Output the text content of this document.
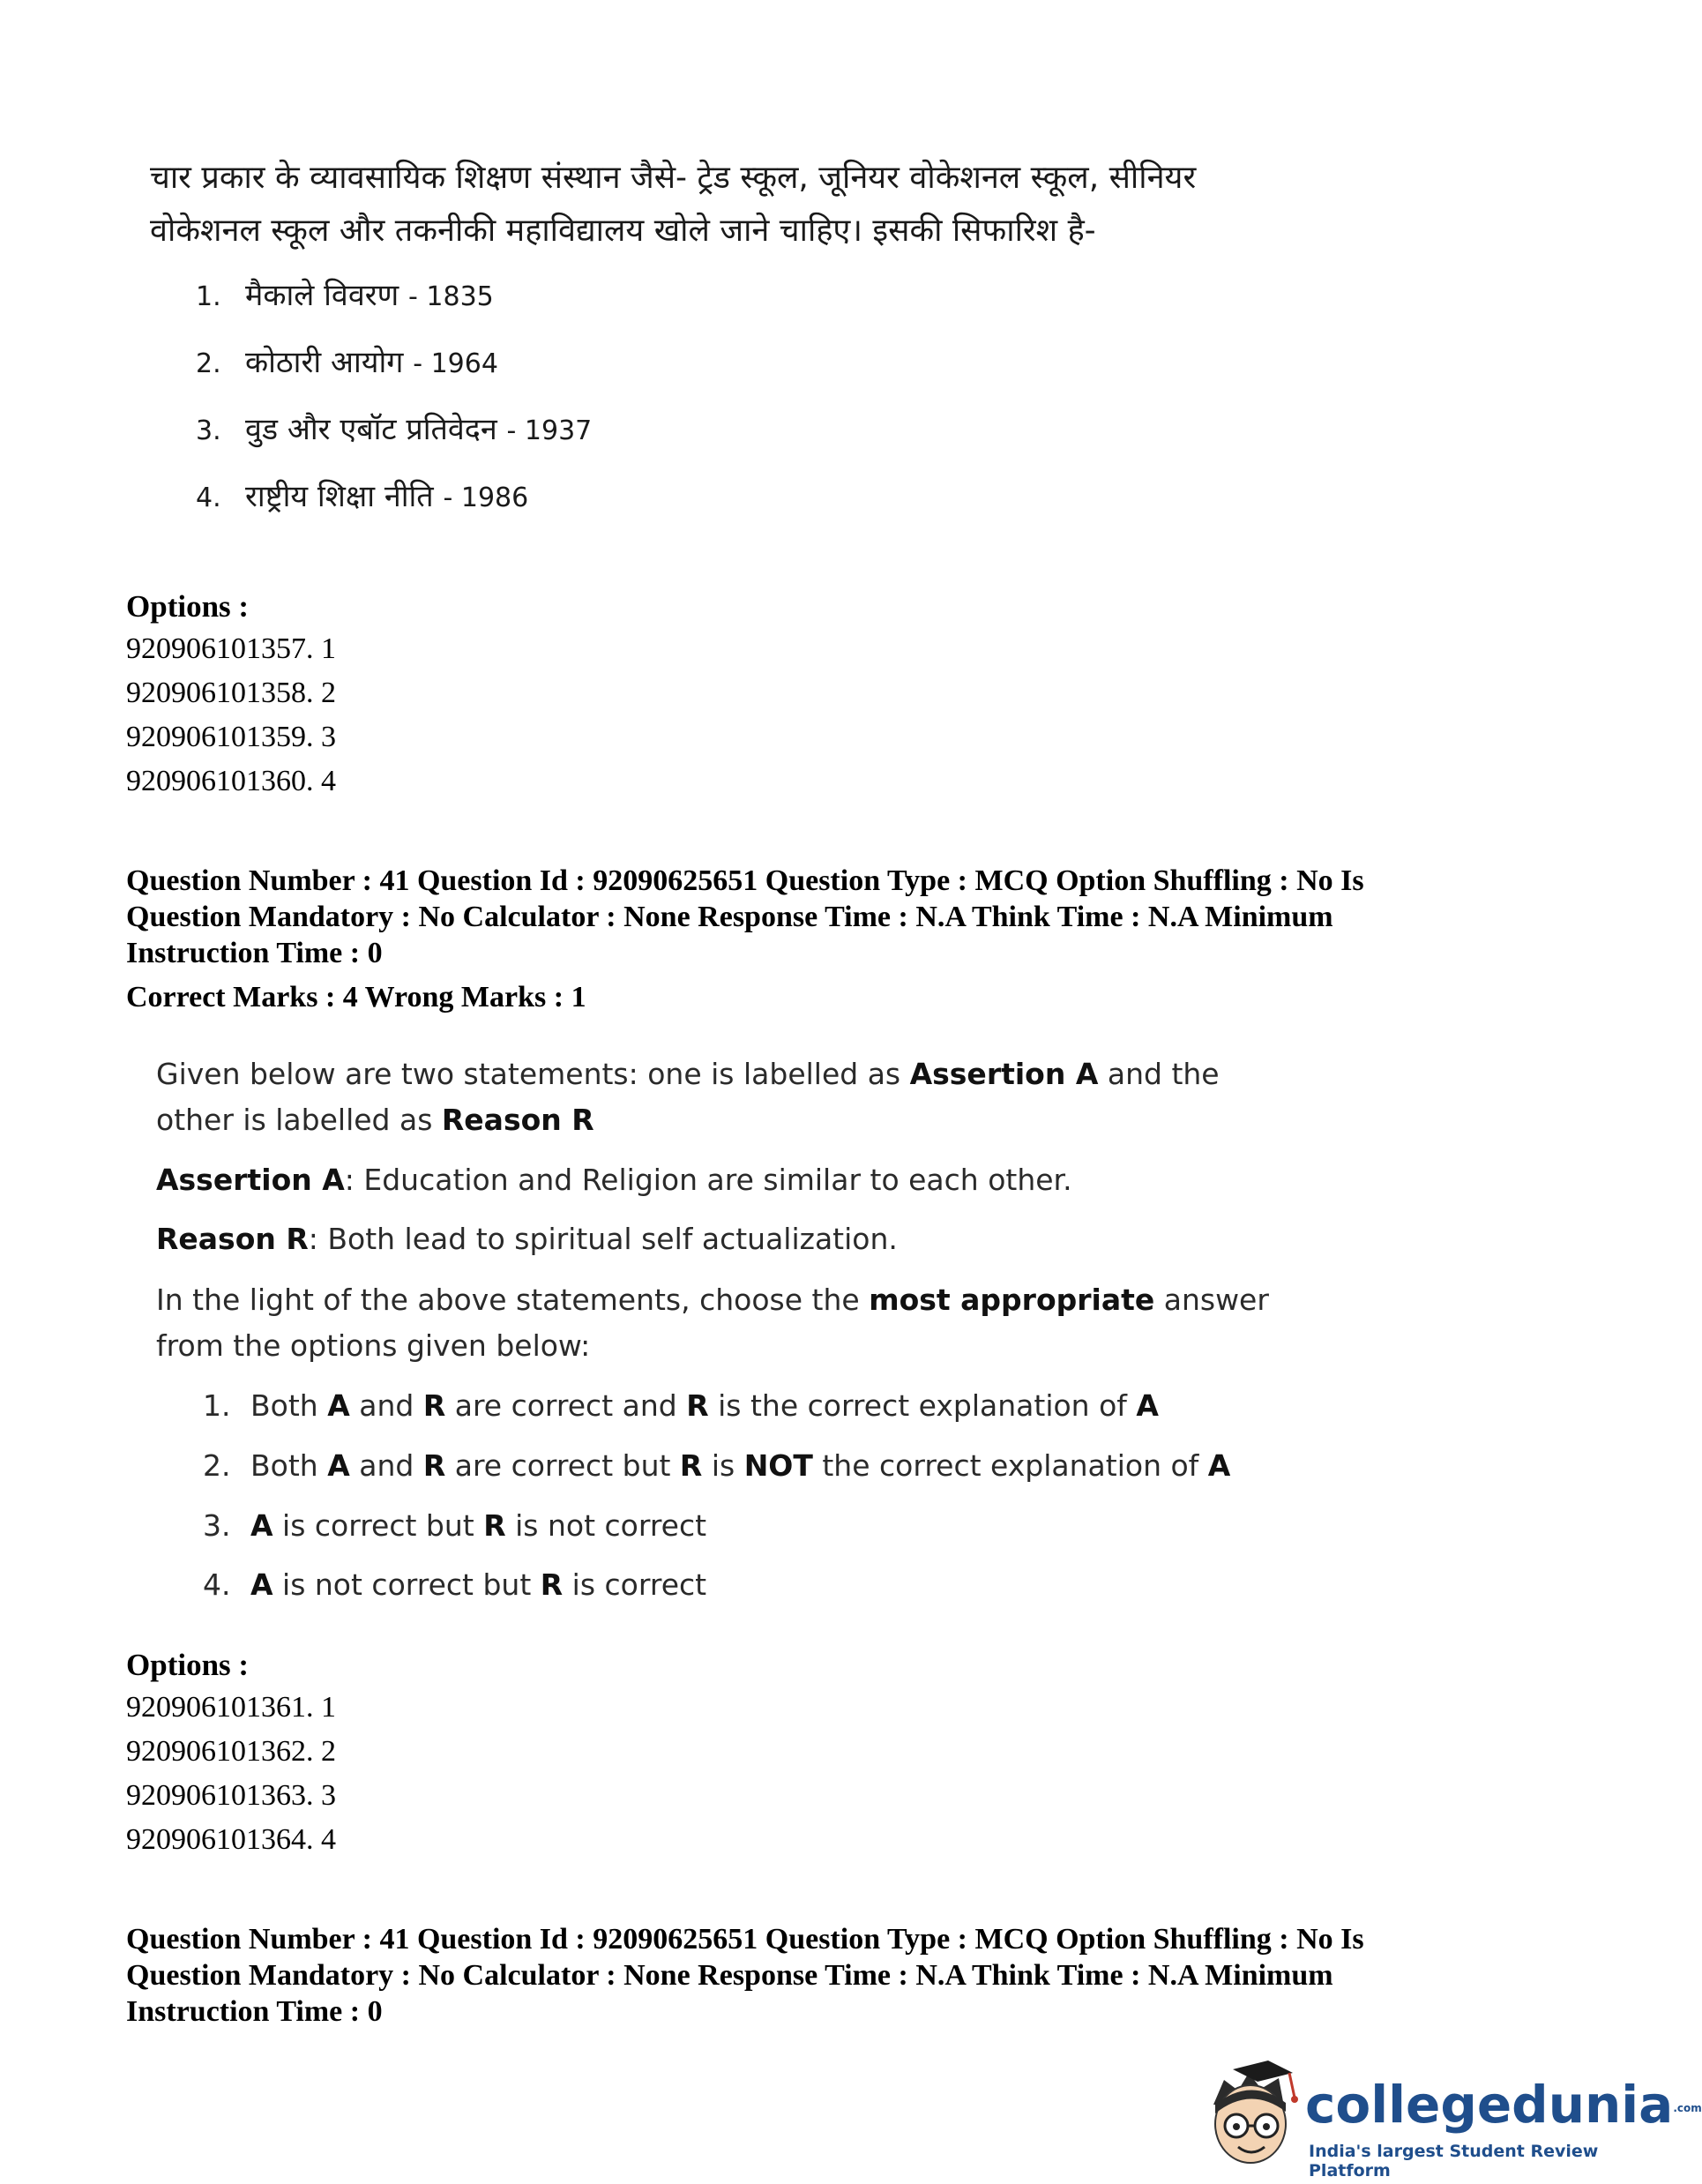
चार प्रकार के व्यावसायिक शिक्षण संस्थान जैसे- ट्रेड स्कूल, जूनियर वोकेशनल स्कूल, सीनियर
वोकेशनल स्कूल और तकनीकी महाविद्यालय खोले जाने चाहिए। इसकी सिफारिश है-
1. मैकाले विवरण - 1835
2. कोठारी आयोग - 1964
3. वुड और एबॉट प्रतिवेदन - 1937
4. राष्ट्रीय शिक्षा नीति - 1986
Options :
920906101357. 1
920906101358. 2
920906101359. 3
920906101360. 4
Question Number : 41 Question Id : 92090625651 Question Type : MCQ Option Shuffling : No Is
Question Mandatory : No Calculator : None Response Time : N.A Think Time : N.A Minimum
Instruction Time : 0
Correct Marks : 4 Wrong Marks : 1
Given below are two statements: one is labelled as Assertion A and the
other is labelled as Reason R
Assertion A: Education and Religion are similar to each other.
Reason R: Both lead to spiritual self actualization.
In the light of the above statements, choose the most appropriate answer
from the options given below:
1. Both A and R are correct and R is the correct explanation of A
2. Both A and R are correct but R is NOT the correct explanation of A
3. A is correct but R is not correct
4. A is not correct but R is correct
Options :
920906101361. 1
920906101362. 2
920906101363. 3
920906101364. 4
Question Number : 41 Question Id : 92090625651 Question Type : MCQ Option Shuffling : No Is
Question Mandatory : No Calculator : None Response Time : N.A Think Time : N.A Minimum
Instruction Time : 0
collegedunia.com
India's largest Student Review Platform
